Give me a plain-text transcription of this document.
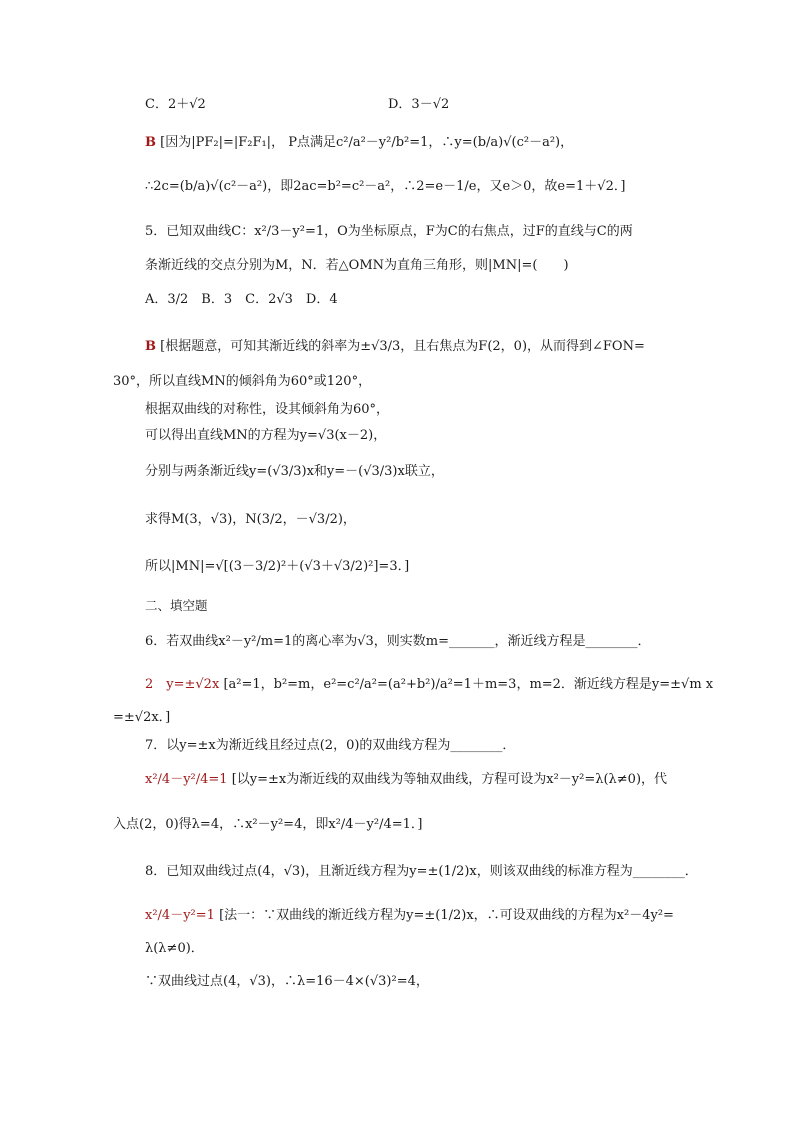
C．2＋√2	D．3－√2
B [因为|PF₂|=|F₂F₁|， P点满足c²/a²－y²/b²=1，∴y=(b/a)√(c²－a²)，
∴2c=(b/a)√(c²－a²)，即2ac=b²=c²－a²，∴2=e－1/e，又e＞0，故e=1＋√2．]
5．已知双曲线C：x²/3－y²=1，O为坐标原点，F为C的右焦点，过F的直线与C的两
条渐近线的交点分别为M，N．若△OMN为直角三角形，则|MN|=(　　)
A．3/2　B．3　C．2√3　D．4
B [根据题意，可知其渐近线的斜率为±√3/3，且右焦点为F(2，0)，从而得到∠FON=
30°，所以直线MN的倾斜角为60°或120°，
根据双曲线的对称性，设其倾斜角为60°，
可以得出直线MN的方程为y=√3(x－2)，
分别与两条渐近线y=(√3/3)x和y=－(√3/3)x联立，
求得M(3，√3)，N(3/2，－√3/2)，
所以|MN|=√[(3－3/2)²＋(√3＋√3/2)²]=3．]
二、填空题
6．若双曲线x²－y²/m=1的离心率为√3，则实数m=_______，渐近线方程是________．
2　y=±√2x [a²=1，b²=m，e²=c²/a²=(a²+b²)/a²=1＋m=3，m=2．渐近线方程是y=±√m x
=±√2x．]
7．以y=±x为渐近线且经过点(2，0)的双曲线方程为________．
x²/4－y²/4=1 [以y=±x为渐近线的双曲线为等轴双曲线，方程可设为x²－y²=λ(λ≠0)，代
入点(2，0)得λ=4，∴x²－y²=4，即x²/4－y²/4=1．]
8．已知双曲线过点(4，√3)，且渐近线方程为y=±(1/2)x，则该双曲线的标准方程为________．
x²/4－y²=1 [法一：∵双曲线的渐近线方程为y=±(1/2)x，∴可设双曲线的方程为x²－4y²=
λ(λ≠0)．
∵双曲线过点(4，√3)，∴λ=16－4×(√3)²=4，
